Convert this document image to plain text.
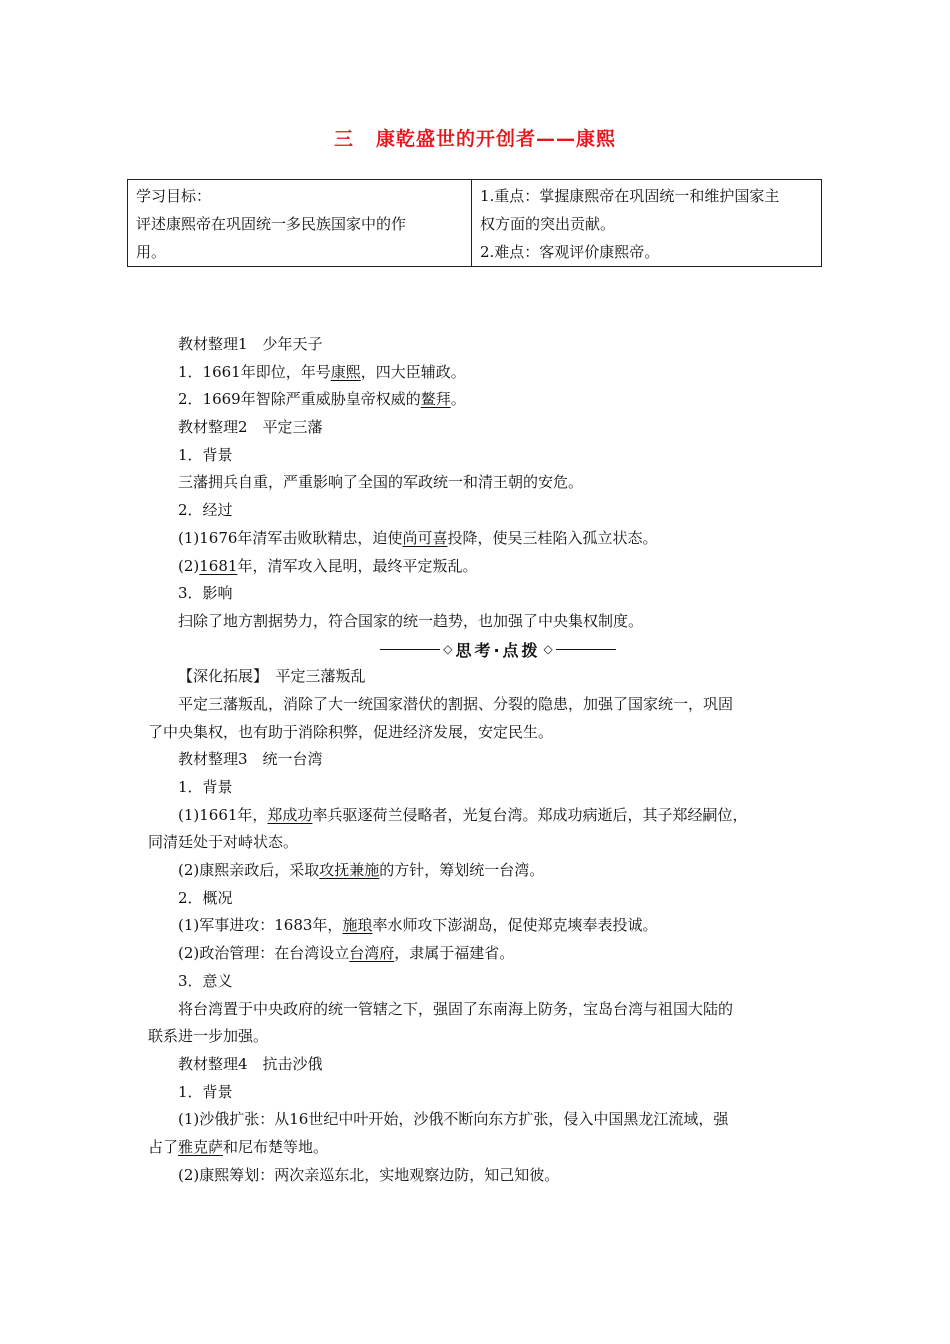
三 康乾盛世的开创者——康熙
学习目标：
评述康熙帝在巩固统一多民族国家中的作
用。
1.重点：掌握康熙帝在巩固统一和维护国家主
权方面的突出贡献。
2.难点：客观评价康熙帝。
教材整理1　少年天子
1．1661年即位，年号康熙，四大臣辅政。
2．1669年智除严重威胁皇帝权威的鳌拜。
教材整理2　平定三藩
1．背景
三藩拥兵自重，严重影响了全国的军政统一和清王朝的安危。
2．经过
(1)1676年清军击败耿精忠，迫使尚可喜投降，使吴三桂陷入孤立状态。
(2)1681年，清军攻入昆明，最终平定叛乱。
3．影响
扫除了地方割据势力，符合国家的统一趋势，也加强了中央集权制度。
◇ 思考·点拨 ◇
【深化拓展】　平定三藩叛乱
平定三藩叛乱，消除了大一统国家潜伏的割据、分裂的隐患，加强了国家统一，巩固
了中央集权，也有助于消除积弊，促进经济发展，安定民生。
教材整理3　统一台湾
1．背景
(1)1661年，郑成功率兵驱逐荷兰侵略者，光复台湾。郑成功病逝后，其子郑经嗣位，
同清廷处于对峙状态。
(2)康熙亲政后，采取攻抚兼施的方针，筹划统一台湾。
2．概况
(1)军事进攻：1683年，施琅率水师攻下澎湖岛，促使郑克塽奉表投诚。
(2)政治管理：在台湾设立台湾府，隶属于福建省。
3．意义
将台湾置于中央政府的统一管辖之下，强固了东南海上防务，宝岛台湾与祖国大陆的
联系进一步加强。
教材整理4　抗击沙俄
1．背景
(1)沙俄扩张：从16世纪中叶开始，沙俄不断向东方扩张，侵入中国黑龙江流域，强
占了雅克萨和尼布楚等地。
(2)康熙筹划：两次亲巡东北，实地观察边防，知己知彼。
